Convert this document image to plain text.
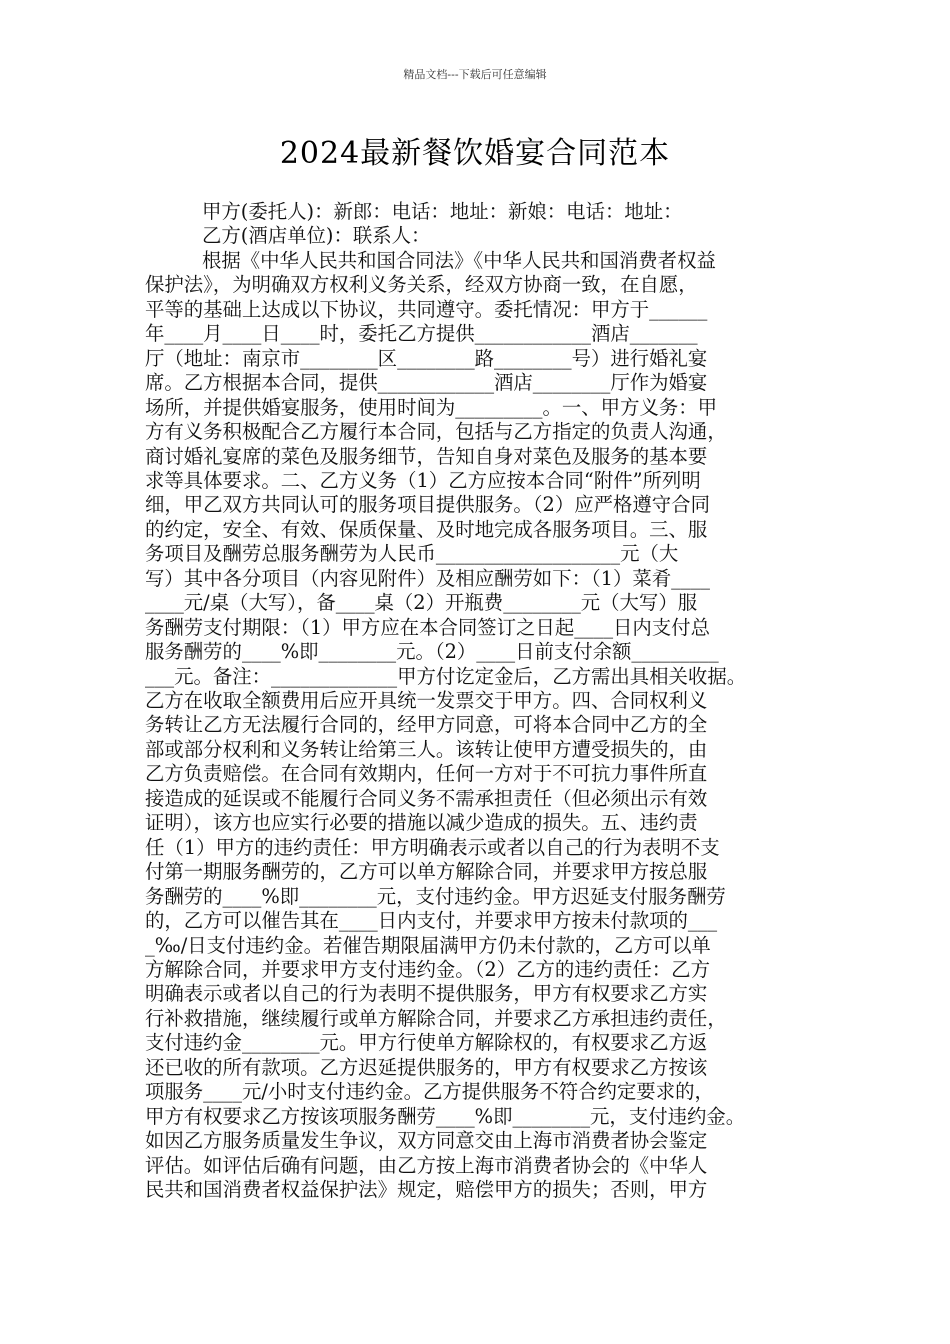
精品文档---下载后可任意编辑
2024最新餐饮婚宴合同范本
甲方(委托人)：新郎：电话：地址：新娘：电话：地址：
乙方(酒店单位)：联系人：
根据《中华人民共和国合同法》《中华人民共和国消费者权益
保护法》，为明确双方权利义务关系，经双方协商一致，在自愿，
平等的基础上达成以下协议，共同遵守。委托情况：甲方于______
年____月____日____时，委托乙方提供____________酒店_______
厅（地址：南京市________区________路________号）进行婚礼宴
席。乙方根据本合同，提供____________酒店________厅作为婚宴
场所，并提供婚宴服务，使用时间为_________。一、甲方义务：甲
方有义务积极配合乙方履行本合同，包括与乙方指定的负责人沟通，
商讨婚礼宴席的菜色及服务细节，告知自身对菜色及服务的基本要
求等具体要求。二、乙方义务（1）乙方应按本合同“附件”所列明
细，甲乙双方共同认可的服务项目提供服务。（2）应严格遵守合同
的约定，安全、有效、保质保量、及时地完成各服务项目。三、服
务项目及酬劳总服务酬劳为人民币___________________元（大
写）其中各分项目（内容见附件）及相应酬劳如下：（1）菜肴____
____元/桌（大写），备____桌（2）开瓶费________元（大写）服
务酬劳支付期限：（1）甲方应在本合同签订之日起____日内支付总
服务酬劳的____%即________元。（2）____日前支付余额_________
___元。备注：_____________甲方付讫定金后，乙方需出具相关收据。
乙方在收取全额费用后应开具统一发票交于甲方。四、合同权利义
务转让乙方无法履行合同的，经甲方同意，可将本合同中乙方的全
部或部分权利和义务转让给第三人。该转让使甲方遭受损失的，由
乙方负责赔偿。在合同有效期内，任何一方对于不可抗力事件所直
接造成的延误或不能履行合同义务不需承担责任（但必须出示有效
证明），该方也应实行必要的措施以减少造成的损失。五、违约责
任（1）甲方的违约责任：甲方明确表示或者以自己的行为表明不支
付第一期服务酬劳的，乙方可以单方解除合同，并要求甲方按总服
务酬劳的____%即________元，支付违约金。甲方迟延支付服务酬劳
的，乙方可以催告其在____日内支付，并要求甲方按未付款项的___
_‰/日支付违约金。若催告期限届满甲方仍未付款的，乙方可以单
方解除合同，并要求甲方支付违约金。（2）乙方的违约责任：乙方
明确表示或者以自己的行为表明不提供服务，甲方有权要求乙方实
行补救措施，继续履行或单方解除合同，并要求乙方承担违约责任，
支付违约金________元。甲方行使单方解除权的，有权要求乙方返
还已收的所有款项。乙方迟延提供服务的，甲方有权要求乙方按该
项服务____元/小时支付违约金。乙方提供服务不符合约定要求的，
甲方有权要求乙方按该项服务酬劳____%即________元，支付违约金。
如因乙方服务质量发生争议，双方同意交由上海市消费者协会鉴定
评估。如评估后确有问题，由乙方按上海市消费者协会的《中华人
民共和国消费者权益保护法》规定，赔偿甲方的损失；否则，甲方
